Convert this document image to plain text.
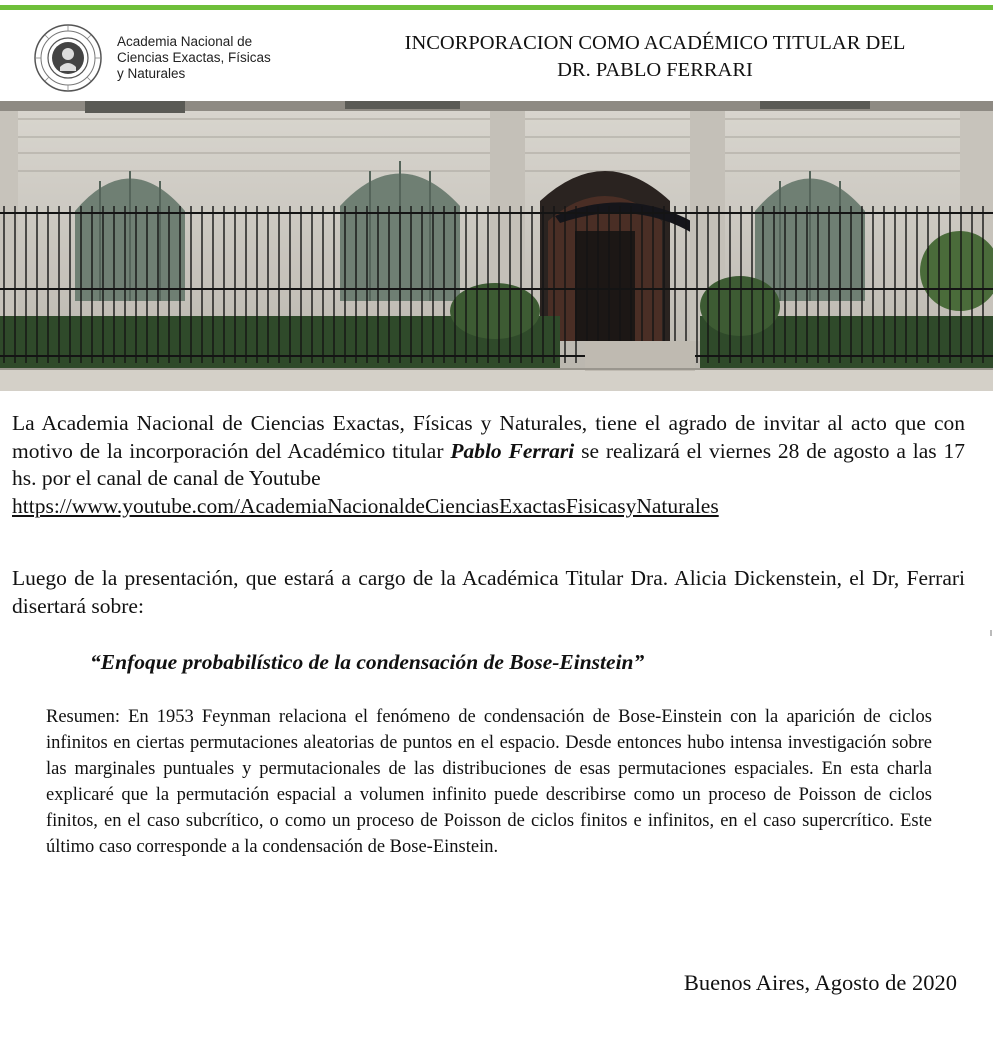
Academia Nacional de
Ciencias Exactas, Físicas
y Naturales
INCORPORACION COMO ACADÉMICO TITULAR DEL
DR. PABLO FERRARI
La Academia Nacional de Ciencias Exactas, Físicas y Naturales, tiene el agrado de invitar al acto que con motivo de la incorporación del Académico titular Pablo Ferrari se realizará el viernes 28 de agosto a las 17 hs. por el canal de canal de Youtube
https://www.youtube.com/AcademiaNacionaldeCienciasExactasFisicasyNaturales
Luego de la presentación, que estará a cargo de la Académica Titular Dra. Alicia Dickenstein, el Dr, Ferrari disertará sobre:
“Enfoque probabilístico de la condensación de Bose-Einstein”
Resumen: En 1953 Feynman relaciona el fenómeno de condensación de Bose-Einstein con la aparición de ciclos infinitos en ciertas permutaciones aleatorias de puntos en el espacio. Desde entonces hubo intensa investigación sobre las marginales puntuales y permutacionales de las distribuciones de esas permutaciones espaciales. En esta charla explicaré que la permutación espacial a volumen infinito puede describirse como un proceso de Poisson de ciclos finitos, en el caso subcrítico, o como un proceso de Poisson de ciclos finitos e infinitos, en el caso supercrítico. Este último caso corresponde a la condensación de Bose-Einstein.
Buenos Aires, Agosto de 2020
